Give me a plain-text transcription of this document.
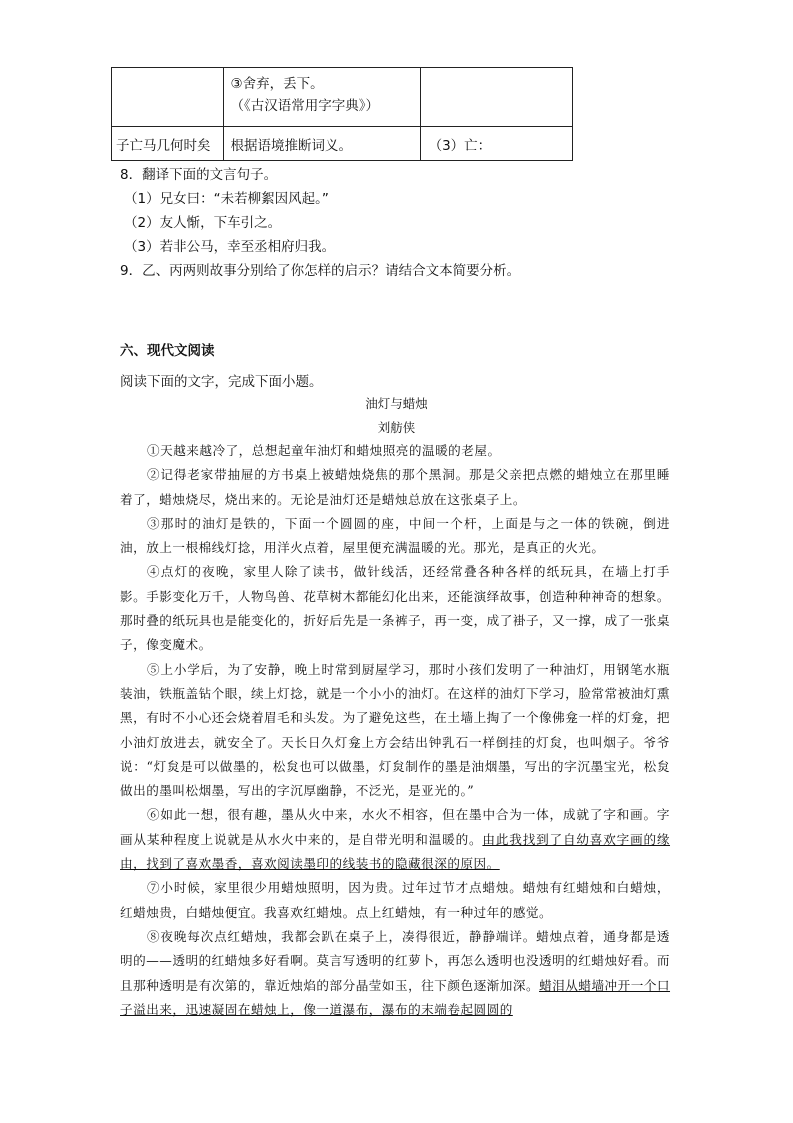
	③舍弃，丢下。
（《古汉语常用字字典》）	

子亡马几何时矣	根据语境推断词义。	（3）亡：
8．翻译下面的文言句子。
（1）兄女曰：“未若柳絮因风起。”
（2）友人惭，下车引之。
（3）若非公马，幸至丞相府归我。
9．乙、丙两则故事分别给了你怎样的启示？请结合文本简要分析。
六、现代文阅读
阅读下面的文字，完成下面小题。
油灯与蜡烛
刘舫侠

①天越来越冷了，总想起童年油灯和蜡烛照亮的温暖的老屋。

②记得老家带抽屉的方书桌上被蜡烛烧焦的那个黑洞。那是父亲把点燃的蜡烛立在那里睡着了，蜡烛烧尽，烧出来的。无论是油灯还是蜡烛总放在这张桌子上。

③那时的油灯是铁的，下面一个圆圆的座，中间一个杆，上面是与之一体的铁碗，倒进油，放上一根棉线灯捻，用洋火点着，屋里便充满温暖的光。那光，是真正的火光。

④点灯的夜晚，家里人除了读书，做针线活，还经常叠各种各样的纸玩具，在墙上打手影。手影变化万千，人物鸟兽、花草树木都能幻化出来，还能演绎故事，创造种种神奇的想象。那时叠的纸玩具也是能变化的，折好后先是一条裤子，再一变，成了褂子，又一撑，成了一张桌子，像变魔术。

⑤上小学后，为了安静，晚上时常到厨屋学习，那时小孩们发明了一种油灯，用钢笔水瓶装油，铁瓶盖钻个眼，续上灯捻，就是一个小小的油灯。在这样的油灯下学习，脸常常被油灯熏黑，有时不小心还会烧着眉毛和头发。为了避免这些，在土墙上掏了一个像佛龛一样的灯龛，把小油灯放进去，就安全了。天长日久灯龛上方会结出钟乳石一样倒挂的灯炱，也叫烟子。爷爷说：“灯炱是可以做墨的，松炱也可以做墨，灯炱制作的墨是油烟墨，写出的字沉墨宝光，松炱做出的墨叫松烟墨，写出的字沉厚幽静，不泛光，是亚光的。”

⑥如此一想，很有趣，墨从火中来，水火不相容，但在墨中合为一体，成就了字和画。字画从某种程度上说就是从水火中来的，是自带光明和温暖的。由此我找到了自幼喜欢字画的缘由，找到了喜欢墨香，喜欢阅读墨印的线装书的隐藏很深的原因。

⑦小时候，家里很少用蜡烛照明，因为贵。过年过节才点蜡烛。蜡烛有红蜡烛和白蜡烛，红蜡烛贵，白蜡烛便宜。我喜欢红蜡烛。点上红蜡烛，有一种过年的感觉。

⑧夜晚每次点红蜡烛，我都会趴在桌子上，凑得很近，静静端详。蜡烛点着，通身都是透明的——透明的红蜡烛多好看啊。莫言写透明的红萝卜，再怎么透明也没透明的红蜡烛好看。而且那种透明是有次第的，靠近烛焰的部分晶莹如玉，往下颜色逐渐加深。蜡泪从蜡墙冲开一个口子溢出来，迅速凝固在蜡烛上，像一道瀑布，瀑布的末端卷起圆圆的
